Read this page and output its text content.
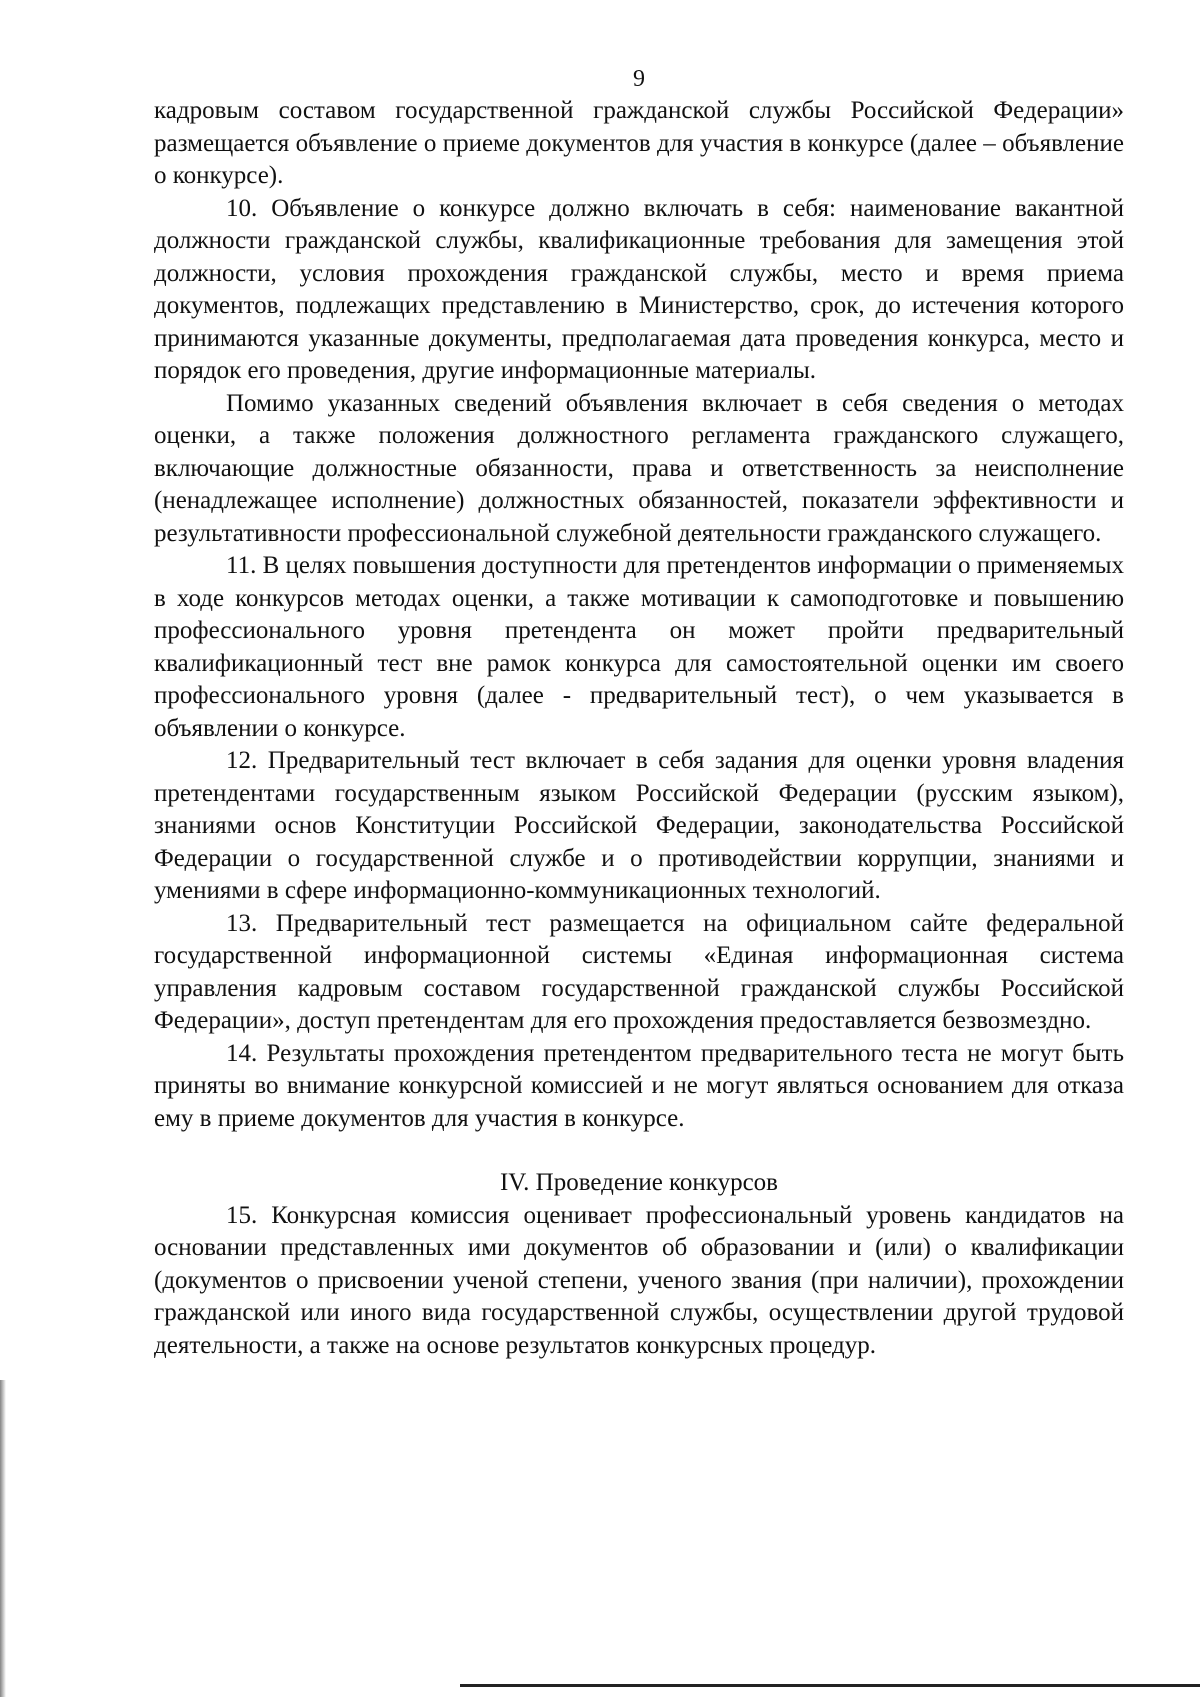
9

кадровым составом государственной гражданской службы Российской Федерации» размещается объявление о приеме документов для участия в конкурсе (далее – объявление о конкурсе).

10. Объявление о конкурсе должно включать в себя: наименование вакантной должности гражданской службы, квалификационные требования для замещения этой должности, условия прохождения гражданской службы, место и время приема документов, подлежащих представлению в Министерство, срок, до истечения которого принимаются указанные документы, предполагаемая дата проведения конкурса, место и порядок его проведения, другие информационные материалы.

Помимо указанных сведений объявления включает в себя сведения о методах оценки, а также положения должностного регламента гражданского служащего, включающие должностные обязанности, права и ответственность за неисполнение (ненадлежащее исполнение) должностных обязанностей, показатели эффективности и результативности профессиональной служебной деятельности гражданского служащего.

11. В целях повышения доступности для претендентов информации о применяемых в ходе конкурсов методах оценки, а также мотивации к самоподготовке и повышению профессионального уровня претендента он может пройти предварительный квалификационный тест вне рамок конкурса для самостоятельной оценки им своего профессионального уровня (далее - предварительный тест), о чем указывается в объявлении о конкурсе.

12. Предварительный тест включает в себя задания для оценки уровня владения претендентами государственным языком Российской Федерации (русским языком), знаниями основ Конституции Российской Федерации, законодательства Российской Федерации о государственной службе и о противодействии коррупции, знаниями и умениями в сфере информационно-коммуникационных технологий.

13. Предварительный тест размещается на официальном сайте федеральной государственной информационной системы «Единая информационная система управления кадровым составом государственной гражданской службы Российской Федерации», доступ претендентам для его прохождения предоставляется безвозмездно.

14. Результаты прохождения претендентом предварительного теста не могут быть приняты во внимание конкурсной комиссией и не могут являться основанием для отказа ему в приеме документов для участия в конкурсе.

IV. Проведение конкурсов

15. Конкурсная комиссия оценивает профессиональный уровень кандидатов на основании представленных ими документов об образовании и (или) о квалификации (документов о присвоении ученой степени, ученого звания (при наличии), прохождении гражданской или иного вида государственной службы, осуществлении другой трудовой деятельности, а также на основе результатов конкурсных процедур.
